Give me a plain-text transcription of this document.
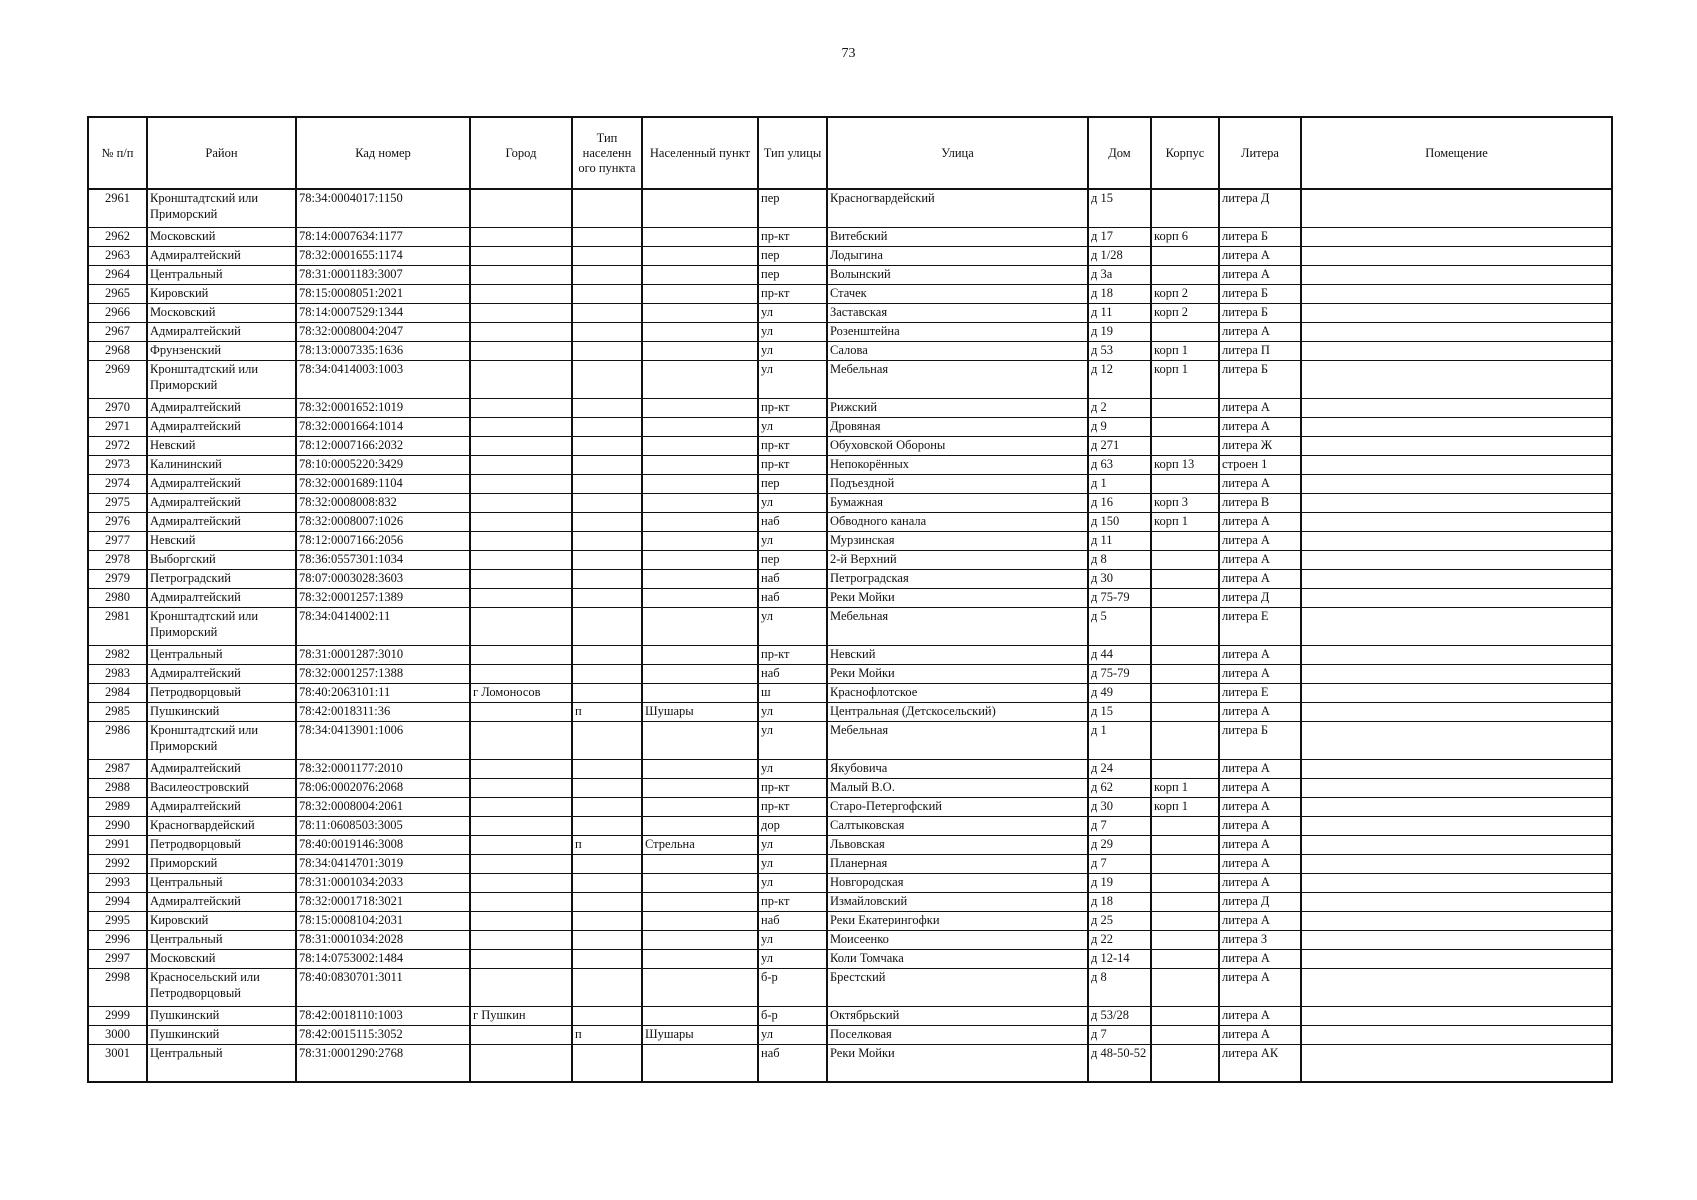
73
№ п/п	Район	Кад номер	Город	Тип населенн ого пункта	Населенный пункт	Тип улицы	Улица	Дом	Корпус	Литера	Помещение
2961	Кронштадтский или Приморский	78:34:0004017:1150				пер	Красногвардейский	д 15		литера Д	
2962	Московский	78:14:0007634:1177				пр-кт	Витебский	д 17	корп 6	литера Б	
2963	Адмиралтейский	78:32:0001655:1174				пер	Лодыгина	д 1/28		литера А	
2964	Центральный	78:31:0001183:3007				пер	Волынский	д 3а		литера А	
2965	Кировский	78:15:0008051:2021				пр-кт	Стачек	д 18	корп 2	литера Б	
2966	Московский	78:14:0007529:1344				ул	Заставская	д 11	корп 2	литера Б	
2967	Адмиралтейский	78:32:0008004:2047				ул	Розенштейна	д 19		литера А	
2968	Фрунзенский	78:13:0007335:1636				ул	Салова	д 53	корп 1	литера П	
2969	Кронштадтский или Приморский	78:34:0414003:1003				ул	Мебельная	д 12	корп 1	литера Б	
2970	Адмиралтейский	78:32:0001652:1019				пр-кт	Рижский	д 2		литера А	
2971	Адмиралтейский	78:32:0001664:1014				ул	Дровяная	д 9		литера А	
2972	Невский	78:12:0007166:2032				пр-кт	Обуховской Обороны	д 271		литера Ж	
2973	Калининский	78:10:0005220:3429				пр-кт	Непокорённых	д 63	корп 13	строен 1	
2974	Адмиралтейский	78:32:0001689:1104				пер	Подъездной	д 1		литера А	
2975	Адмиралтейский	78:32:0008008:832				ул	Бумажная	д 16	корп 3	литера В	
2976	Адмиралтейский	78:32:0008007:1026				наб	Обводного канала	д 150	корп 1	литера А	
2977	Невский	78:12:0007166:2056				ул	Мурзинская	д 11		литера А	
2978	Выборгский	78:36:0557301:1034				пер	2-й Верхний	д 8		литера А	
2979	Петроградский	78:07:0003028:3603				наб	Петроградская	д 30		литера А	
2980	Адмиралтейский	78:32:0001257:1389				наб	Реки Мойки	д 75-79		литера Д	
2981	Кронштадтский или Приморский	78:34:0414002:11				ул	Мебельная	д 5		литера Е	
2982	Центральный	78:31:0001287:3010				пр-кт	Невский	д 44		литера А	
2983	Адмиралтейский	78:32:0001257:1388				наб	Реки Мойки	д 75-79		литера А	
2984	Петродворцовый	78:40:2063101:11	г Ломоносов			ш	Краснофлотское	д 49		литера Е	
2985	Пушкинский	78:42:0018311:36		п	Шушары	ул	Центральная (Детскосельский)	д 15		литера А	
2986	Кронштадтский или Приморский	78:34:0413901:1006				ул	Мебельная	д 1		литера Б	
2987	Адмиралтейский	78:32:0001177:2010				ул	Якубовича	д 24		литера А	
2988	Василеостровский	78:06:0002076:2068				пр-кт	Малый В.О.	д 62	корп 1	литера А	
2989	Адмиралтейский	78:32:0008004:2061				пр-кт	Старо-Петергофский	д 30	корп 1	литера А	
2990	Красногвардейский	78:11:0608503:3005				дор	Салтыковская	д 7		литера А	
2991	Петродворцовый	78:40:0019146:3008		п	Стрельна	ул	Львовская	д 29		литера А	
2992	Приморский	78:34:0414701:3019				ул	Планерная	д 7		литера А	
2993	Центральный	78:31:0001034:2033				ул	Новгородская	д 19		литера А	
2994	Адмиралтейский	78:32:0001718:3021				пр-кт	Измайловский	д 18		литера Д	
2995	Кировский	78:15:0008104:2031				наб	Реки Екатерингофки	д 25		литера А	
2996	Центральный	78:31:0001034:2028				ул	Моисеенко	д 22		литера З	
2997	Московский	78:14:0753002:1484				ул	Коли Томчака	д 12-14		литера А	
2998	Красносельский или Петродворцовый	78:40:0830701:3011				б-р	Брестский	д 8		литера А	
2999	Пушкинский	78:42:0018110:1003	г Пушкин			б-р	Октябрьский	д 53/28		литера А	
3000	Пушкинский	78:42:0015115:3052		п	Шушары	ул	Поселковая	д 7		литера А	
3001	Центральный	78:31:0001290:2768				наб	Реки Мойки	д 48-50-52		литера АК	
